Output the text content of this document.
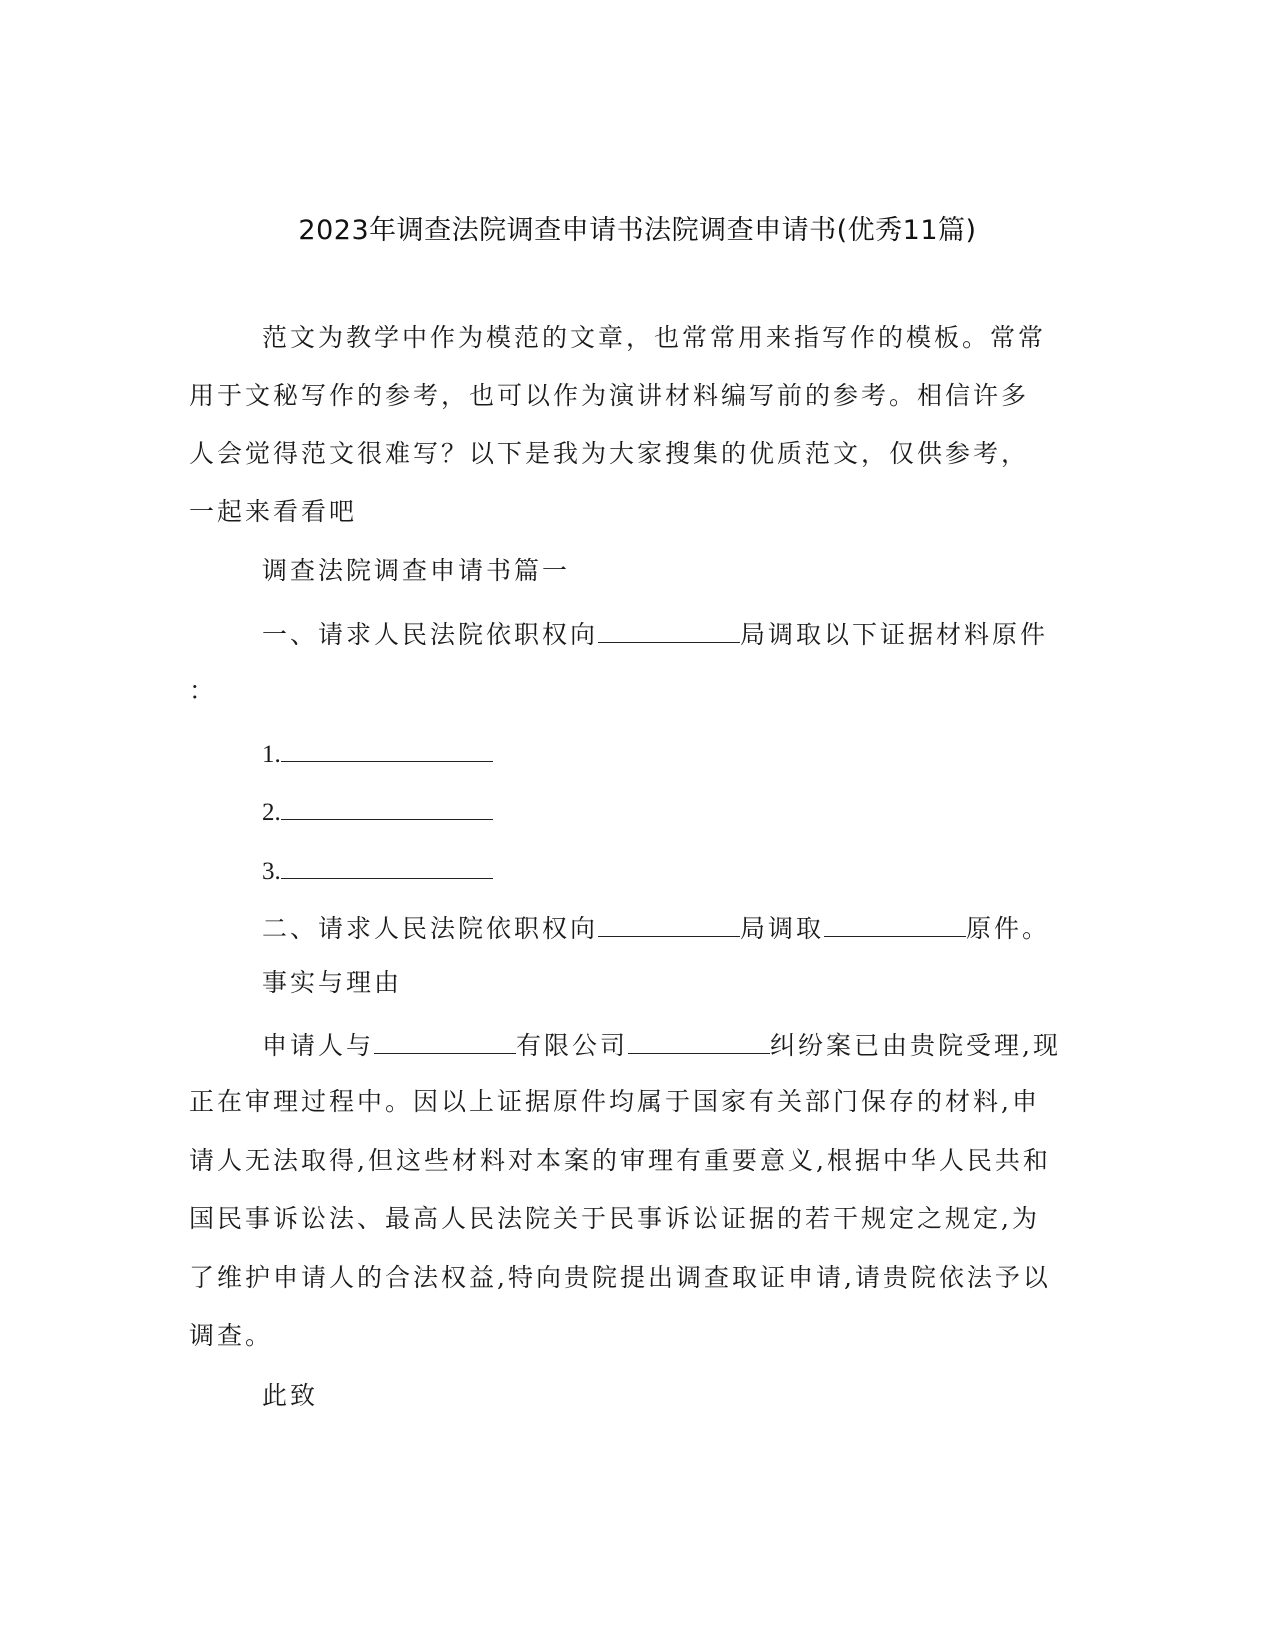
2023年调查法院调查申请书法院调查申请书(优秀11篇)
范文为教学中作为模范的文章，也常常用来指写作的模板。常常
用于文秘写作的参考，也可以作为演讲材料编写前的参考。相信许多
人会觉得范文很难写？以下是我为大家搜集的优质范文，仅供参考，
一起来看看吧
调查法院调查申请书篇一
一、请求人民法院依职权向	局调取以下证据材料原件
：
1.
2.
3.
二、请求人民法院依职权向	局调取	原件。
事实与理由
申请人与	有限公司	纠纷案已由贵院受理,现
正在审理过程中。因以上证据原件均属于国家有关部门保存的材料,申
请人无法取得,但这些材料对本案的审理有重要意义,根据中华人民共和
国民事诉讼法、最高人民法院关于民事诉讼证据的若干规定之规定,为
了维护申请人的合法权益,特向贵院提出调查取证申请,请贵院依法予以
调查。
此致
